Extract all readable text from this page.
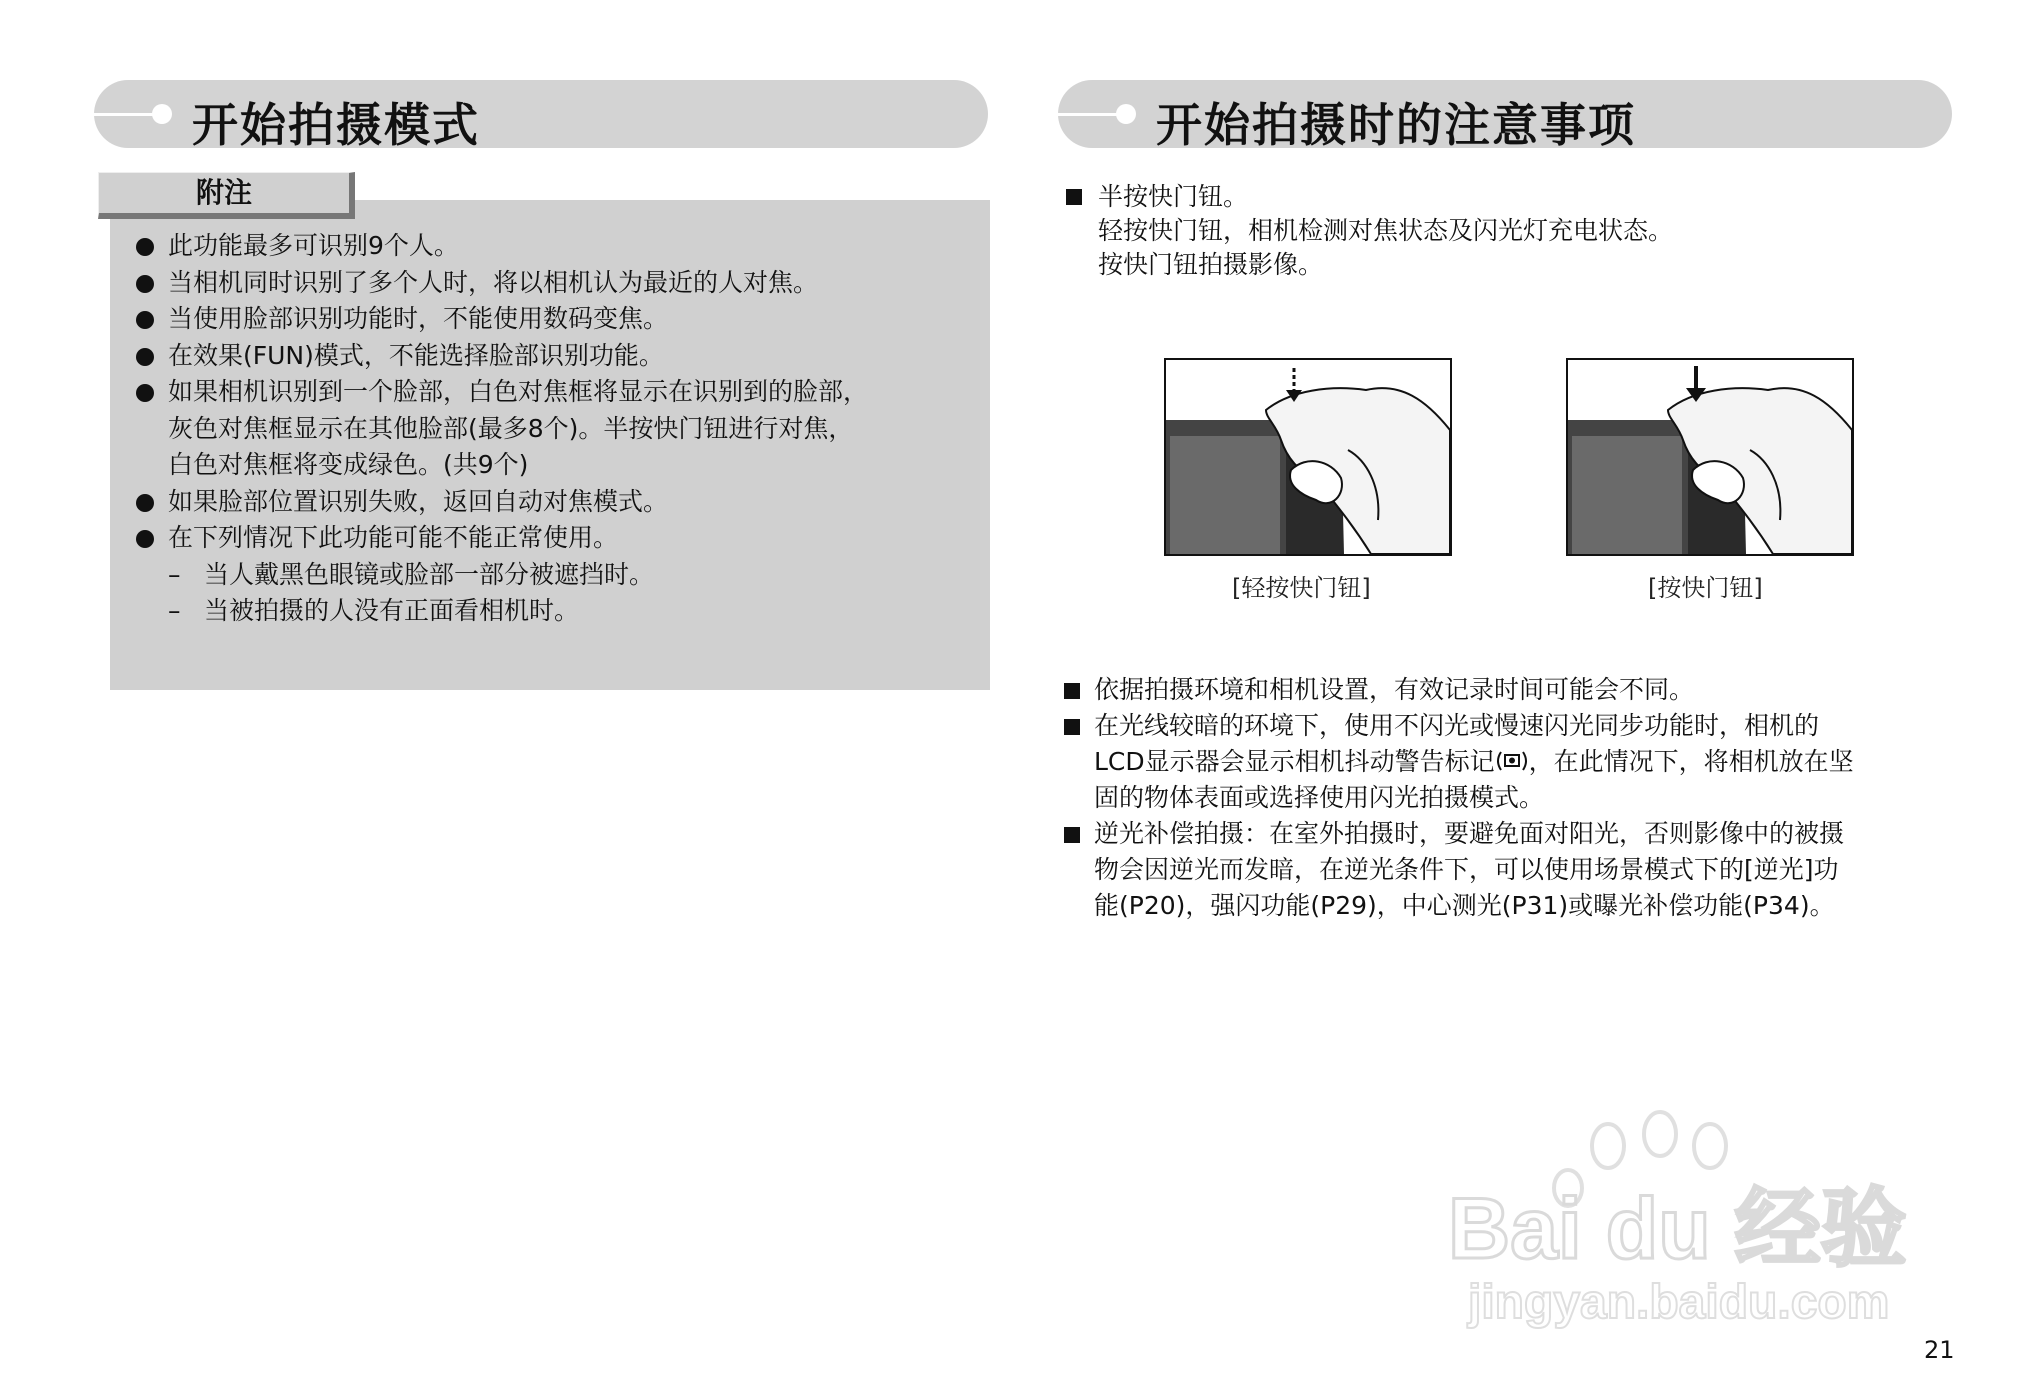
开始拍摄模式	开始拍摄时的注意事项
附注
此功能最多可识别9个人。
当相机同时识别了多个人时，将以相机认为最近的人对焦。
当使用脸部识别功能时，不能使用数码变焦。
在效果(FUN)模式，不能选择脸部识别功能。
如果相机识别到一个脸部，白色对焦框将显示在识别到的脸部，
灰色对焦框显示在其他脸部(最多8个)。半按快门钮进行对焦，
白色对焦框将变成绿色。(共9个)
如果脸部位置识别失败，返回自动对焦模式。
在下列情况下此功能可能不能正常使用。
– 当人戴黑色眼镜或脸部一部分被遮挡时。
– 当被拍摄的人没有正面看相机时。
半按快门钮。
轻按快门钮，相机检测对焦状态及闪光灯充电状态。
按快门钮拍摄影像。
[轻按快门钮]	[按快门钮]
依据拍摄环境和相机设置，有效记录时间可能会不同。
在光线较暗的环境下，使用不闪光或慢速闪光同步功能时，相机的
LCD显示器会显示相机抖动警告标记 ，在此情况下，将相机放在坚
固的物体表面或选择使用闪光拍摄模式。
逆光补偿拍摄：在室外拍摄时，要避免面对阳光，否则影像中的被摄
物会因逆光而发暗，在逆光条件下，可以使用场景模式下的[逆光]功
能(P20)，强闪功能(P29)，中心测光(P31)或曝光补偿功能(P34)。
Bai du 经验
jingyan.baidu.com
21
